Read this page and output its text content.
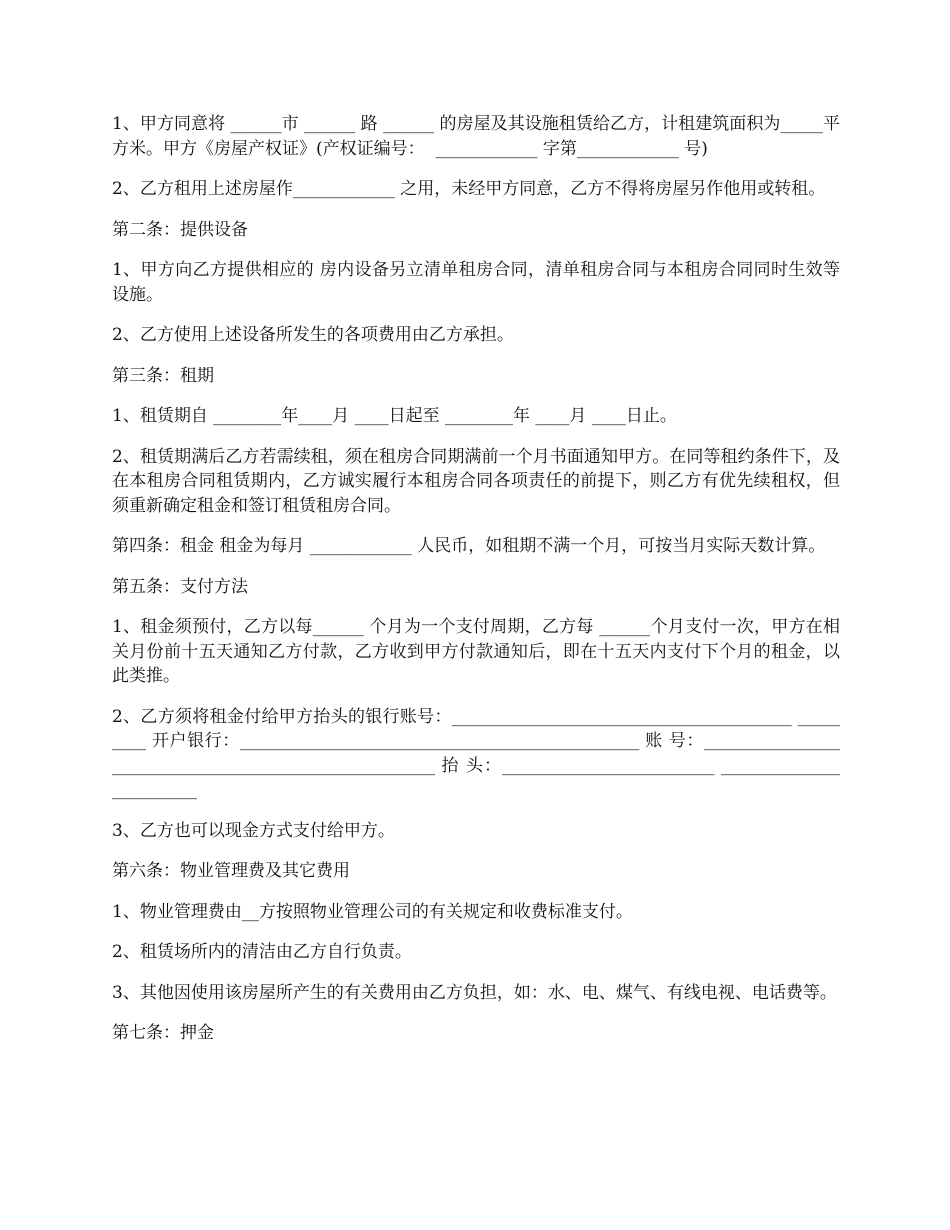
1、甲方同意将 ______市 ______ 路 ______ 的房屋及其设施租赁给乙方，计租建筑面积为_____平方米。甲方《房屋产权证》(产权证编号：  ____________ 字第____________ 号)

2、乙方租用上述房屋作____________ 之用，未经甲方同意，乙方不得将房屋另作他用或转租。

第二条：提供设备

1、甲方向乙方提供相应的 房内设备另立清单租房合同，清单租房合同与本租房合同同时生效等设施。

2、乙方使用上述设备所发生的各项费用由乙方承担。

第三条：租期

1、租赁期自 ________年____月 ____日起至 ________年 ____月 ____日止。

2、租赁期满后乙方若需续租，须在租房合同期满前一个月书面通知甲方。在同等租约条件下，及在本租房合同租赁期内，乙方诚实履行本租房合同各项责任的前提下，则乙方有优先续租权，但须重新确定租金和签订租赁租房合同。

第四条：租金 租金为每月 ____________ 人民币，如租期不满一个月，可按当月实际天数计算。

第五条：支付方法

1、租金须预付，乙方以每______ 个月为一个支付周期，乙方每 ______个月支付一次，甲方在相关月份前十五天通知乙方付款，乙方收到甲方付款通知后，即在十五天内支付下个月的租金，以此类推。

2、乙方须将租金付给甲方抬头的银行账号：________________________________________ _________ 开户银行：_______________________________________________ 账 号：______________________________________________________ 抬 头：_________________________ ________________________

3、乙方也可以现金方式支付给甲方。

第六条：物业管理费及其它费用

1、物业管理费由__方按照物业管理公司的有关规定和收费标准支付。

2、租赁场所内的清洁由乙方自行负责。

3、其他因使用该房屋所产生的有关费用由乙方负担，如：水、电、煤气、有线电视、电话费等。

第七条：押金
